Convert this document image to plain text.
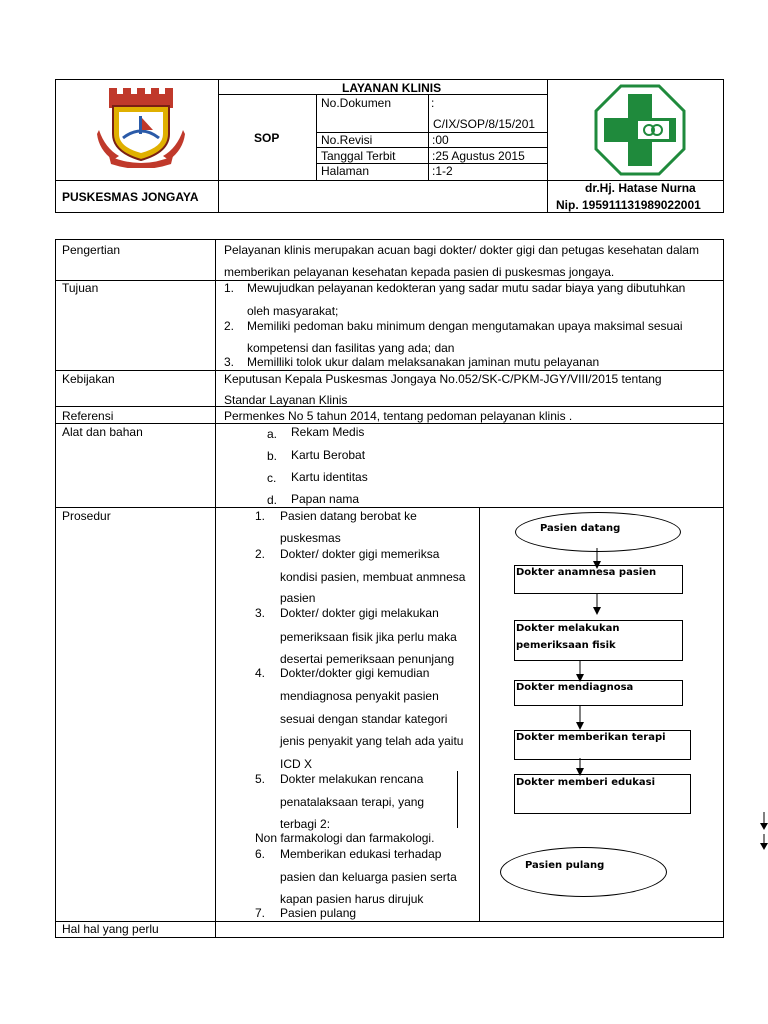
LAYANAN KLINIS
SOP
No.Dokumen	:
C/IX/SOP/8/15/201
No.Revisi	:00
Tanggal Terbit	:25 Agustus 2015
Halaman	:1-2
PUSKESMAS JONGAYA
dr.Hj. Hatase Nurna
Nip. 195911131989022001
Pengertian	Pelayanan klinis merupakan acuan bagi dokter/ dokter gigi dan petugas kesehatan dalam
memberikan pelayanan kesehatan kepada pasien di puskesmas jongaya.
Tujuan	1. Mewujudkan pelayanan kedokteran yang sadar mutu sadar biaya yang dibutuhkan
oleh masyarakat;
2. Memiliki pedoman baku minimum dengan mengutamakan upaya maksimal sesuai
kompetensi dan fasilitas yang ada; dan
3. Memilliki tolok ukur dalam melaksanakan jaminan mutu pelayanan
Kebijakan	Keputusan Kepala Puskesmas Jongaya No.052/SK-C/PKM-JGY/VIII/2015 tentang
Standar Layanan Klinis
Referensi	Permenkes No 5 tahun 2014, tentang pedoman pelayanan klinis .
Alat dan bahan	a. Rekam Medis
b. Kartu Berobat
c. Kartu identitas
d. Papan nama
Prosedur	1. Pasien datang berobat ke
puskesmas
2. Dokter/ dokter gigi memeriksa
kondisi pasien, membuat anmnesa
pasien
3. Dokter/ dokter gigi melakukan
pemeriksaan fisik jika perlu maka
desertai pemeriksaan penunjang
4. Dokter/dokter gigi kemudian
mendiagnosa penyakit pasien
sesuai dengan standar kategori
jenis penyakit yang telah ada yaitu
ICD X
5. Dokter melakukan rencana
penatalaksaan terapi, yang
terbagi 2:
Non farmakologi dan farmakologi.
6. Memberikan edukasi terhadap
pasien dan keluarga pasien serta
kapan pasien harus dirujuk
7. Pasien pulang
Hal hal yang perlu
Pasien datang
Dokter anamnesa pasien
Dokter melakukan
pemeriksaan fisik
Dokter mendiagnosa
Dokter memberikan terapi
Dokter memberi edukasi
Pasien pulang
